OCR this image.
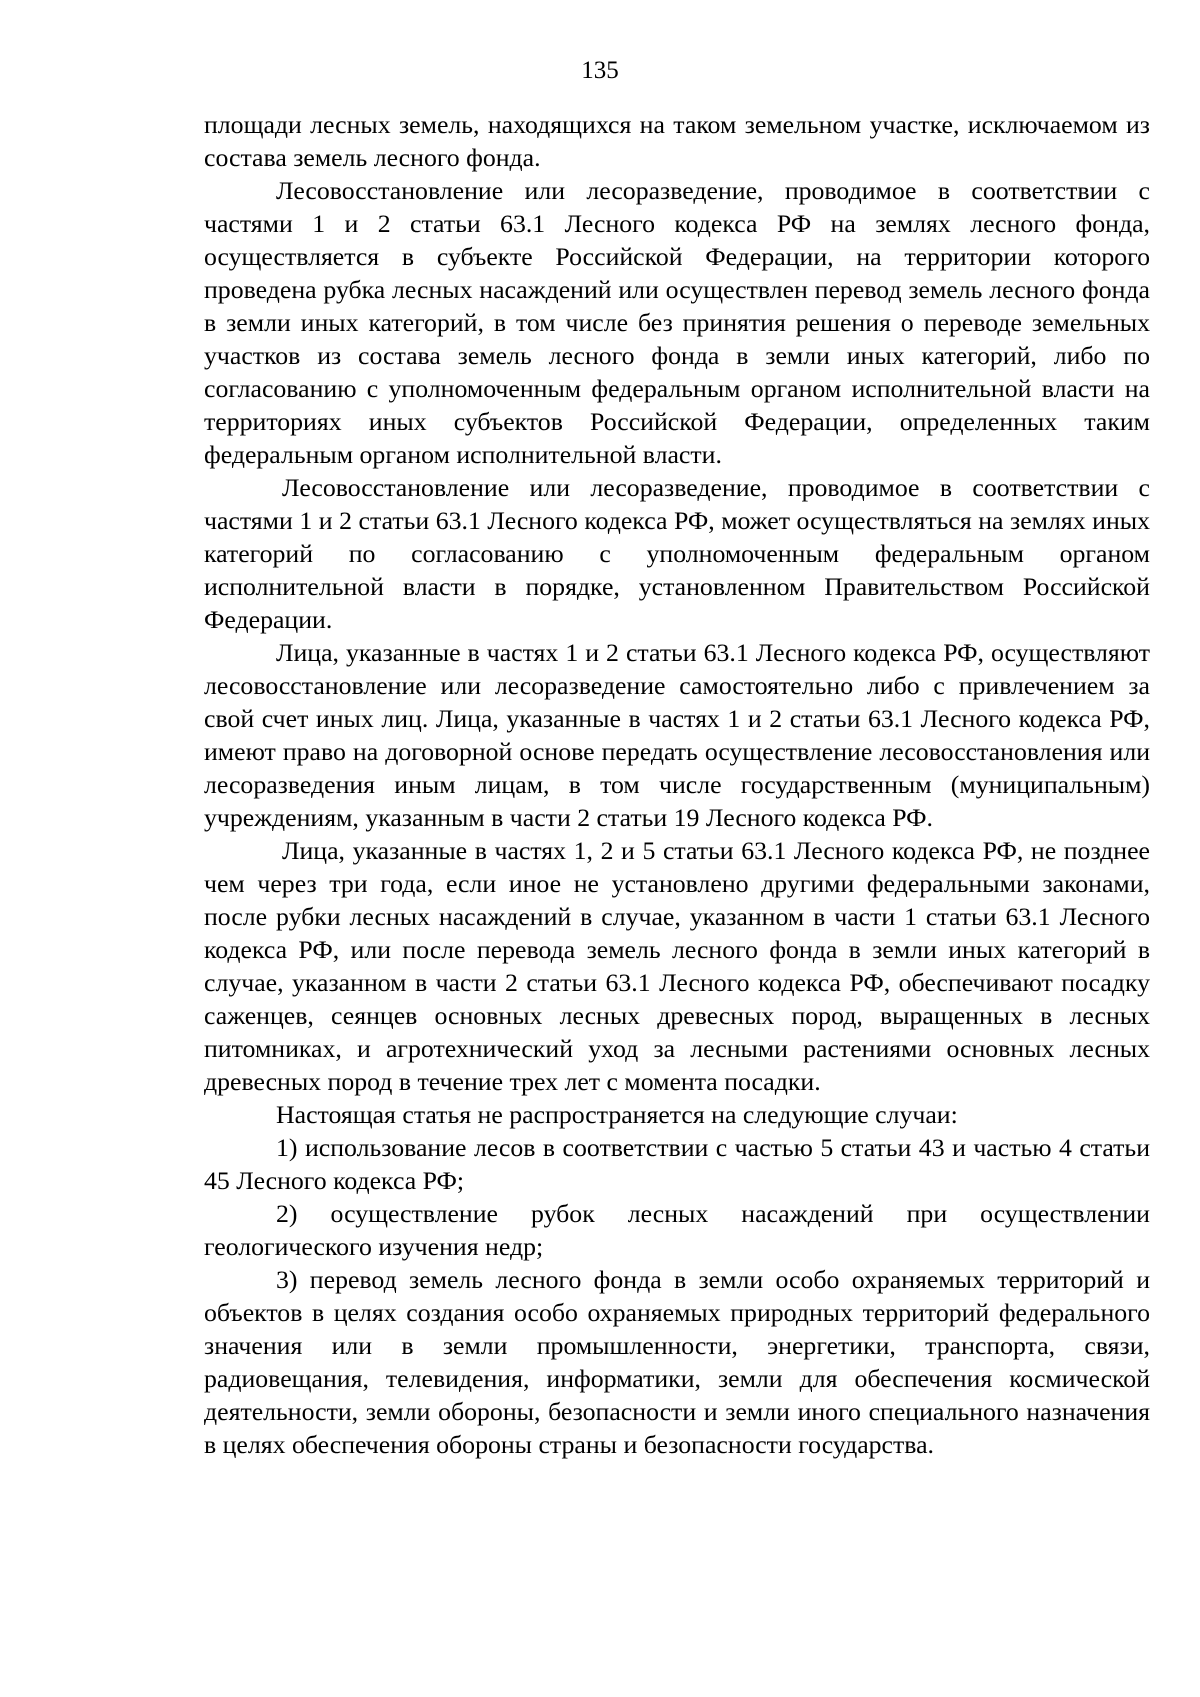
135

площади лесных земель, находящихся на таком земельном участке, исключаемом из состава земель лесного фонда.

Лесовосстановление или лесоразведение, проводимое в соответствии с частями 1 и 2 статьи 63.1 Лесного кодекса РФ на землях лесного фонда, осуществляется в субъекте Российской Федерации, на территории которого проведена рубка лесных насаждений или осуществлен перевод земель лесного фонда в земли иных категорий, в том числе без принятия решения о переводе земельных участков из состава земель лесного фонда в земли иных категорий, либо по согласованию с уполномоченным федеральным органом исполнительной власти на территориях иных субъектов Российской Федерации, определенных таким федеральным органом исполнительной власти.

Лесовосстановление или лесоразведение, проводимое в соответствии с частями 1 и 2 статьи 63.1 Лесного кодекса РФ, может осуществляться на землях иных категорий по согласованию с уполномоченным федеральным органом исполнительной власти в порядке, установленном Правительством Российской Федерации.

Лица, указанные в частях 1 и 2 статьи 63.1 Лесного кодекса РФ, осуществляют лесовосстановление или лесоразведение самостоятельно либо с привлечением за свой счет иных лиц. Лица, указанные в частях 1 и 2 статьи 63.1 Лесного кодекса РФ, имеют право на договорной основе передать осуществление лесовосстановления или лесоразведения иным лицам, в том числе государственным (муниципальным) учреждениям, указанным в части 2 статьи 19 Лесного кодекса РФ.

Лица, указанные в частях 1, 2 и 5 статьи 63.1 Лесного кодекса РФ, не позднее чем через три года, если иное не установлено другими федеральными законами, после рубки лесных насаждений в случае, указанном в части 1 статьи 63.1 Лесного кодекса РФ, или после перевода земель лесного фонда в земли иных категорий в случае, указанном в части 2 статьи 63.1 Лесного кодекса РФ, обеспечивают посадку саженцев, сеянцев основных лесных древесных пород, выращенных в лесных питомниках, и агротехнический уход за лесными растениями основных лесных древесных пород в течение трех лет с момента посадки.

Настоящая статья не распространяется на следующие случаи:

1) использование лесов в соответствии с частью 5 статьи 43 и частью 4 статьи 45 Лесного кодекса РФ;

2) осуществление рубок лесных насаждений при осуществлении геологического изучения недр;

3) перевод земель лесного фонда в земли особо охраняемых территорий и объектов в целях создания особо охраняемых природных территорий федерального значения или в земли промышленности, энергетики, транспорта, связи, радиовещания, телевидения, информатики, земли для обеспечения космической деятельности, земли обороны, безопасности и земли иного специального назначения в целях обеспечения обороны страны и безопасности государства.
